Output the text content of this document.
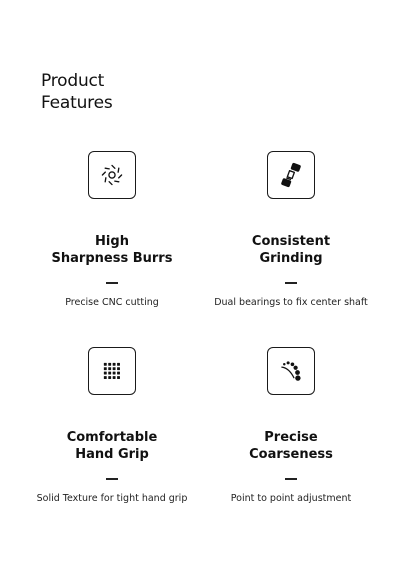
Product
Features
High
Sharpness Burrs
Precise CNC cutting
Consistent
Grinding
Dual bearings to fix center shaft
Comfortable
Hand Grip
Solid Texture for tight hand grip
Precise
Coarseness
Point to point adjustment
